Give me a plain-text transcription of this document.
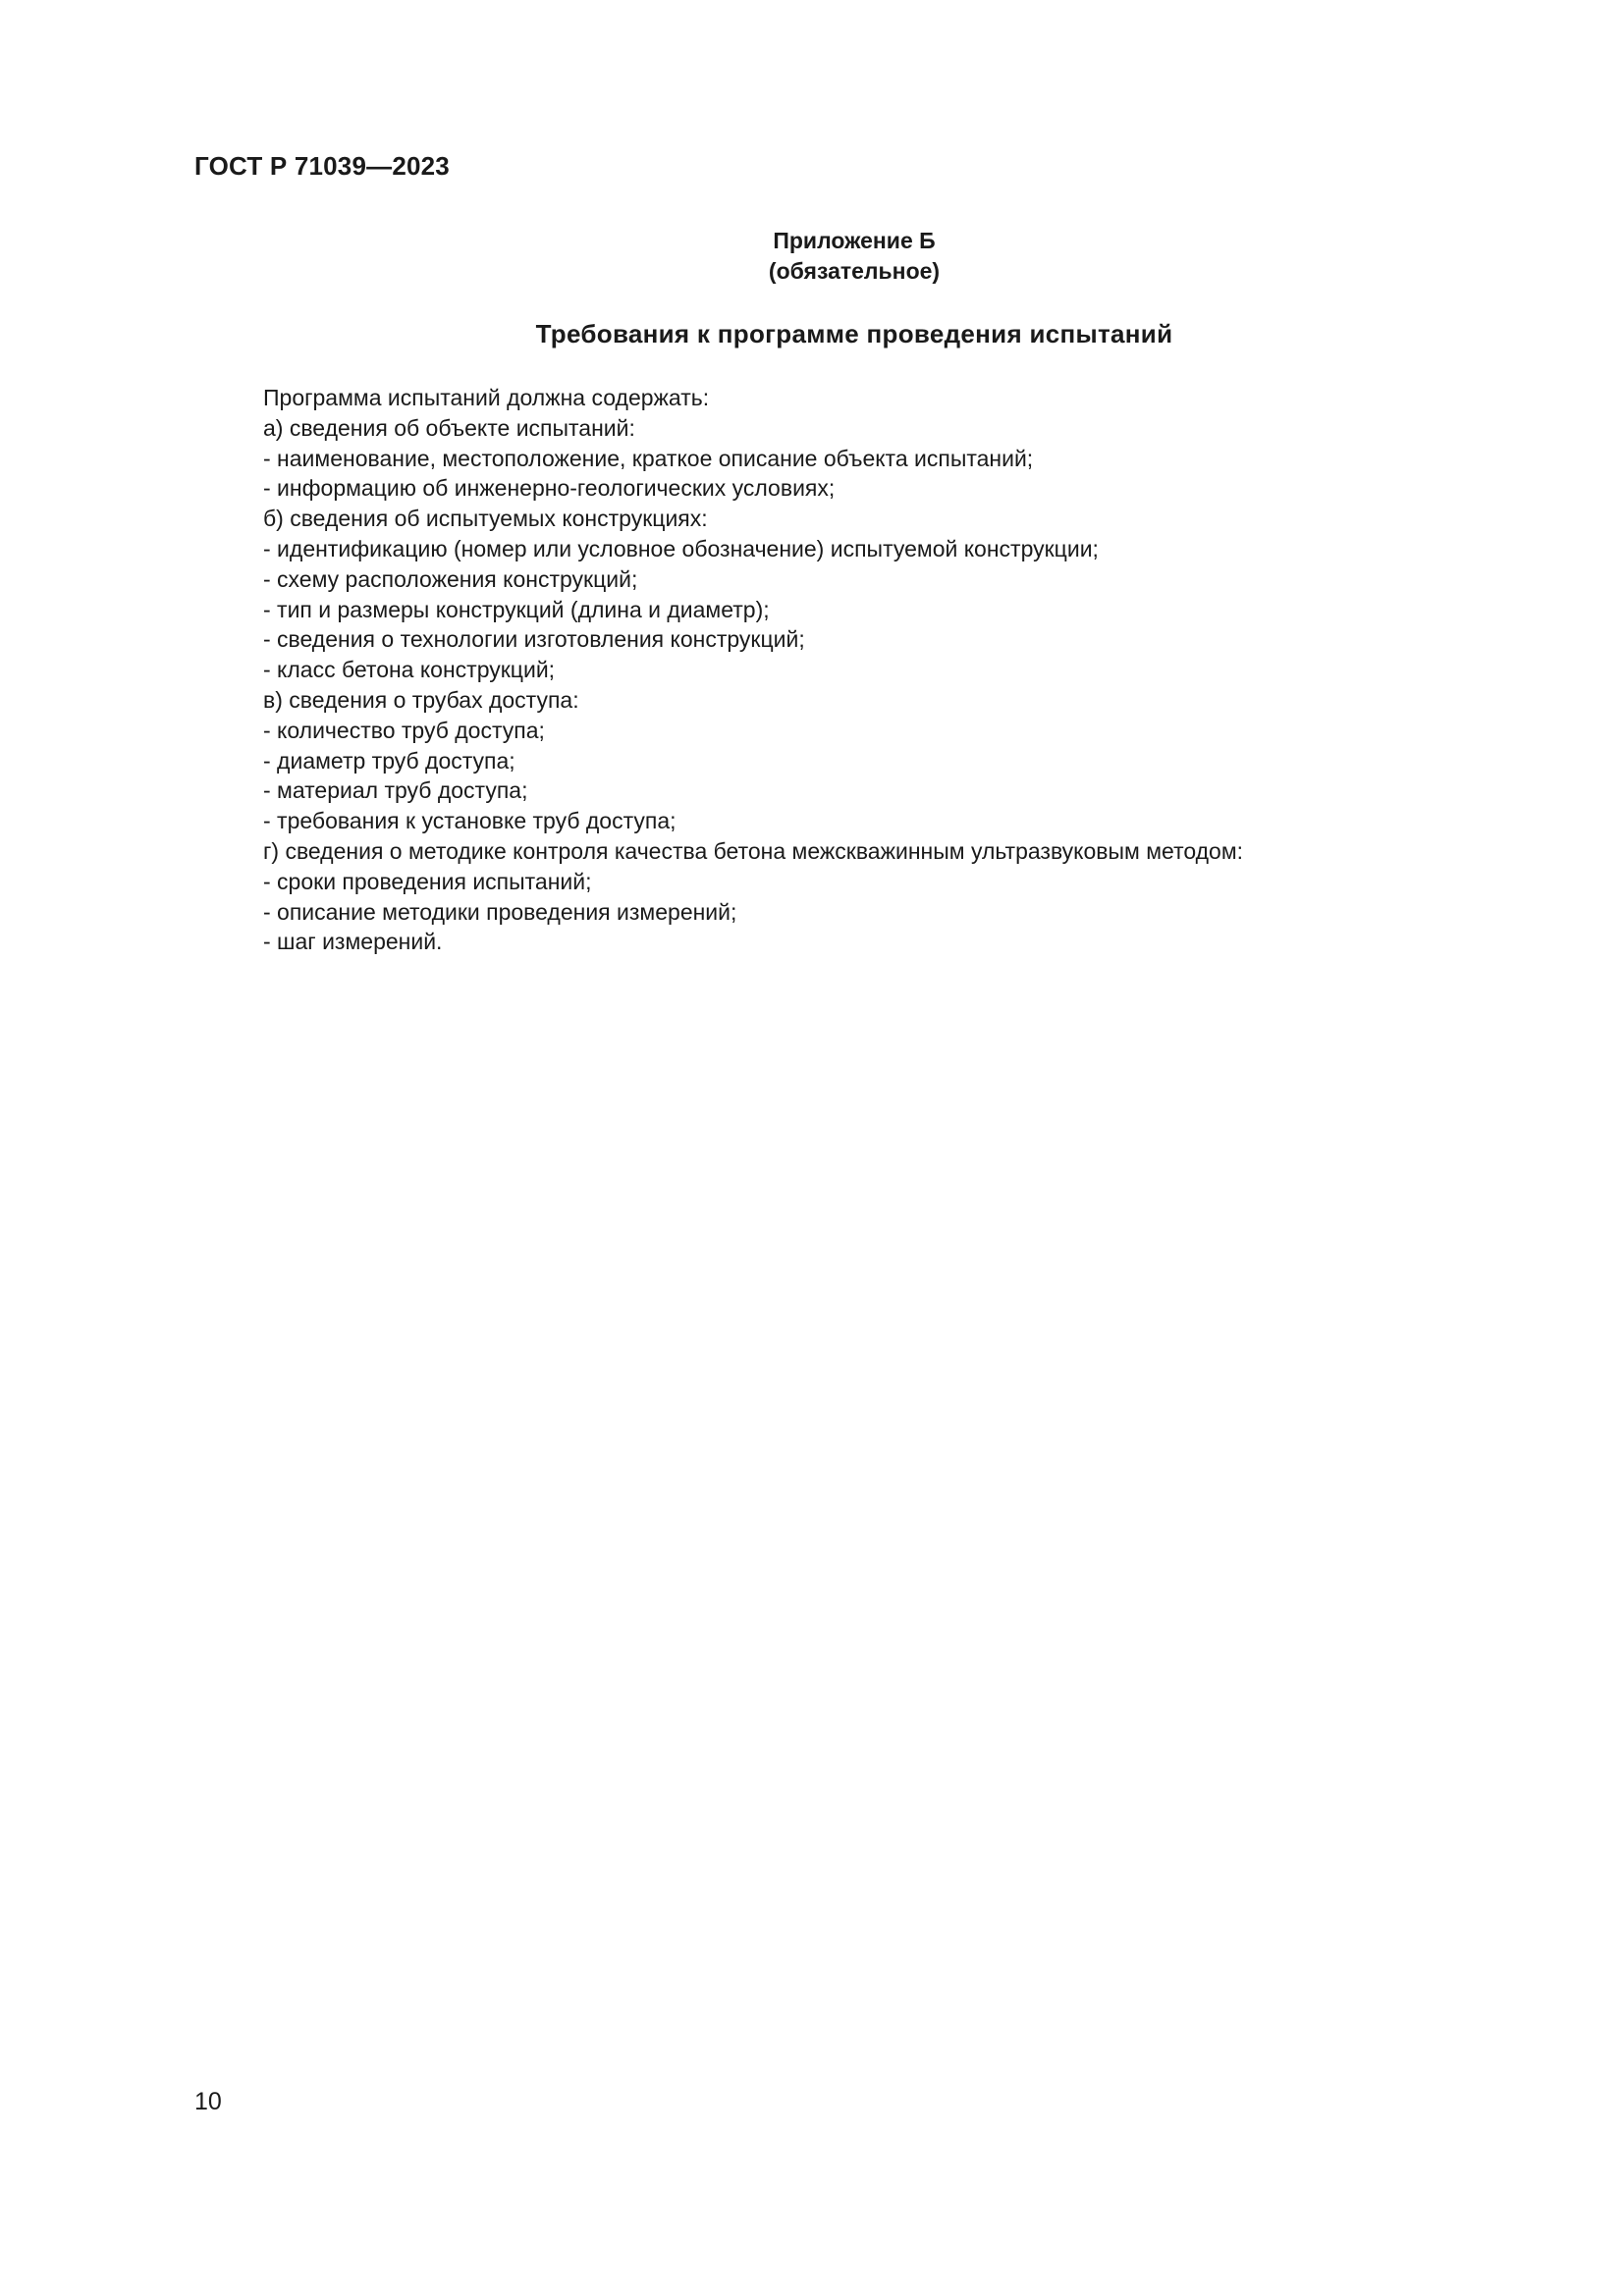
ГОСТ Р 71039—2023
Приложение Б
(обязательное)
Требования к программе проведения испытаний
Программа испытаний должна содержать:
а) сведения об объекте испытаний:
- наименование, местоположение, краткое описание объекта испытаний;
- информацию об инженерно-геологических условиях;
б) сведения об испытуемых конструкциях:
- идентификацию (номер или условное обозначение) испытуемой конструкции;
- схему расположения конструкций;
- тип и размеры конструкций (длина и диаметр);
- сведения о технологии изготовления конструкций;
- класс бетона конструкций;
в) сведения о трубах доступа:
- количество труб доступа;
- диаметр труб доступа;
- материал труб доступа;
- требования к установке труб доступа;
г) сведения о методике контроля качества бетона межскважинным ультразвуковым методом:
- сроки проведения испытаний;
- описание методики проведения измерений;
- шаг измерений.
10
